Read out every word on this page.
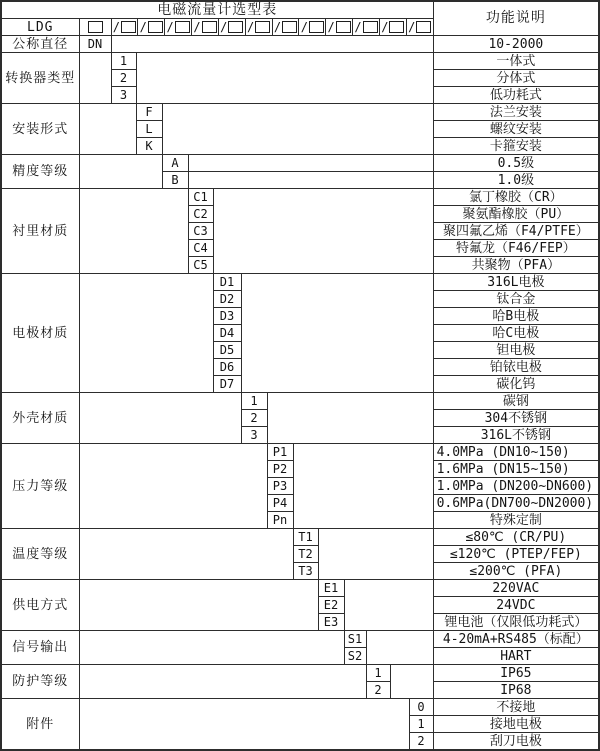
电磁流量计选型表															功能说明
LDG		/ / / / / / / / / / / /

公称直径	DN														10-2000
转换器类型		1													一体式
		2													分体式
		3													低功耗式
安装形式			F												法兰安装
			L												螺纹安装
			K												卡箍安装
精度等级				A											0.5级
				B											1.0级
衬里材质					C1										氯丁橡胶（CR）
					C2										聚氨酯橡胶（PU）
					C3										聚四氟乙烯（F4/PTFE）
					C4										特氟龙（F46/FEP）
					C5										共聚物（PFA）
电极材质						D1									316L电极
						D2									钛合金
						D3									哈B电极
						D4									哈C电极
						D5									钽电极
						D6									铂铱电极
						D7									碳化钨
外壳材质							1								碳钢
							2								304不锈钢
							3								316L不锈钢
压力等级								P1							4.0MPa (DN10~150)
								P2							1.6MPa (DN15~150)
								P3							1.0MPa (DN200~DN600)
								P4							0.6MPa(DN700~DN2000)
								Pn							特殊定制
温度等级									T1						≤80℃ (CR/PU)
									T2						≤120℃ (PTEP/FEP)
									T3						≤200℃ (PFA)
供电方式										E1					220VAC
										E2					24VDC
										E3					锂电池（仅限低功耗式）
信号输出											S1				4-20mA+RS485（标配）
											S2				HART
防护等级												1			IP65
												2			IP68
附件														0	不接地
														1	接地电极
														2	刮刀电极
